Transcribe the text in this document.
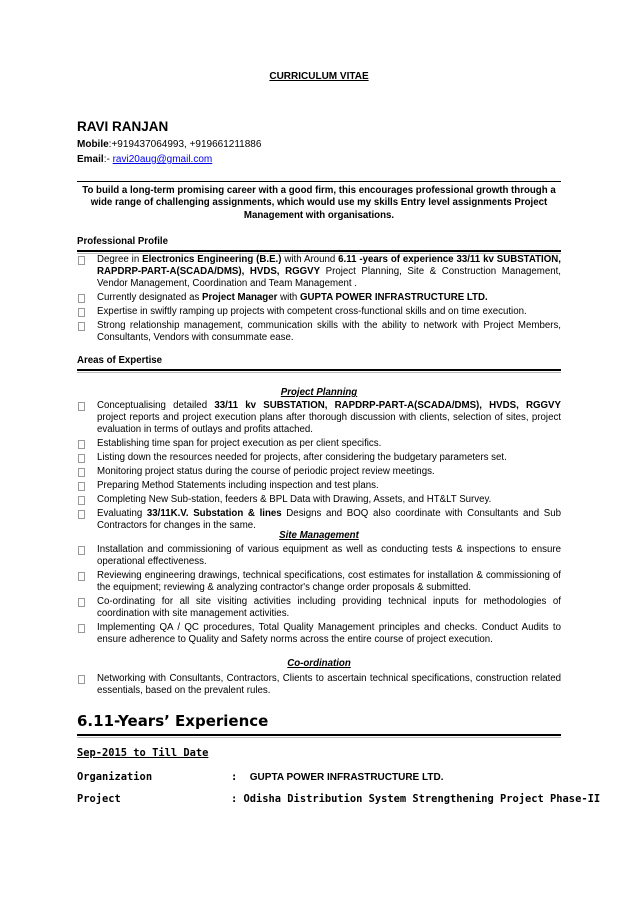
CURRICULUM VITAE
RAVI RANJAN
Mobile:+919437064993, +919661211886
Email:- ravi20aug@gmail.com
To build a long-term promising career with a good firm, this encourages professional growth through a wide range of challenging assignments, which would use my skills Entry level assignments Project Management with organisations.
Professional Profile
Degree in Electronics Engineering (B.E.) with Around 6.11 -years of experience 33/11 kv SUBSTATION, RAPDRP-PART-A(SCADA/DMS), HVDS, RGGVY Project Planning, Site & Construction Management, Vendor Management, Coordination and Team Management .
Currently designated as Project Manager with GUPTA POWER INFRASTRUCTURE LTD.
Expertise in swiftly ramping up projects with competent cross-functional skills and on time execution.
Strong relationship management, communication skills with the ability to network with Project Members, Consultants, Vendors with consummate ease.
Areas of Expertise
Project Planning
Conceptualising detailed 33/11 kv SUBSTATION, RAPDRP-PART-A(SCADA/DMS), HVDS, RGGVY project reports and project execution plans after thorough discussion with clients, selection of sites, project evaluation in terms of outlays and profits attached.
Establishing time span for project execution as per client specifics.
Listing down the resources needed for projects, after considering the budgetary parameters set.
Monitoring project status during the course of periodic project review meetings.
Preparing Method Statements including inspection and test plans.
Completing New Sub-station, feeders & BPL Data with Drawing, Assets, and HT&LT Survey.
Evaluating 33/11K.V. Substation & lines Designs and BOQ also coordinate with Consultants and Sub Contractors for changes in the same.
Site Management
Installation and commissioning of various equipment as well as conducting tests & inspections to ensure operational effectiveness.
Reviewing engineering drawings, technical specifications, cost estimates for installation & commissioning of the equipment; reviewing & analyzing contractor's change order proposals & submitted.
Co-ordinating for all site visiting activities including providing technical inputs for methodologies of coordination with site management activities.
Implementing QA / QC procedures, Total Quality Management principles and checks. Conduct Audits to ensure adherence to Quality and Safety norms across the entire course of project execution.
Co-ordination
Networking with Consultants, Contractors, Clients to ascertain technical specifications, construction related essentials, based on the prevalent rules.
6.11-Years’ Experience
Sep-2015 to Till Date
Organization	: GUPTA POWER INFRASTRUCTURE LTD.
Project	: Odisha Distribution System Strengthening Project Phase-II
